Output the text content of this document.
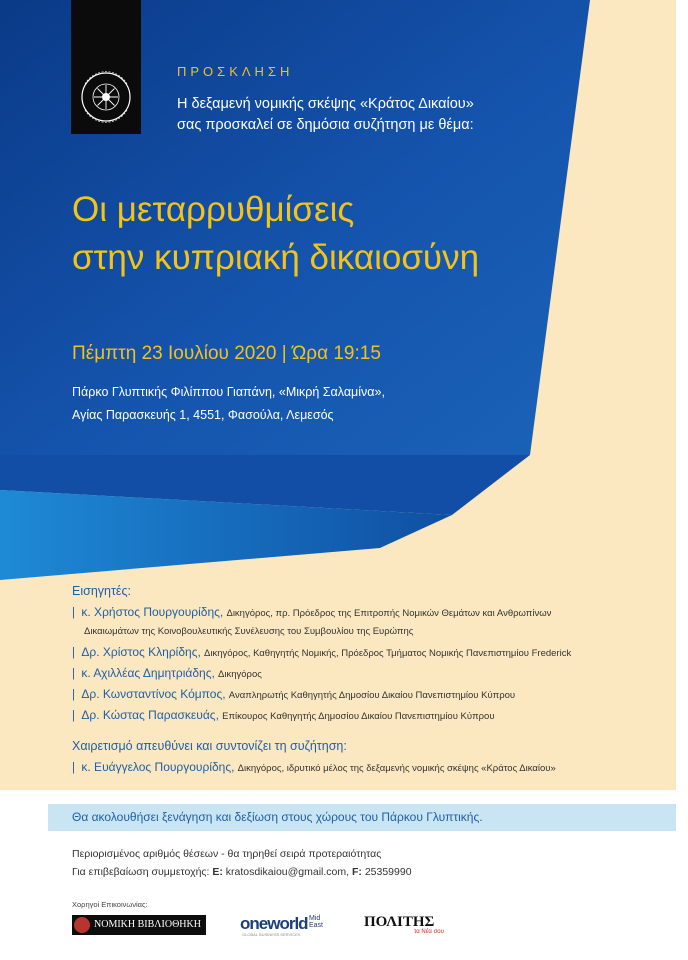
ΠΡΟΣΚΛΗΣΗ
Η δεξαμενή νομικής σκέψης «Κράτος Δικαίου»
σας προσκαλεί σε δημόσια συζήτηση με θέμα:
Οι μεταρρυθμίσεις
στην κυπριακή δικαιοσύνη
Πέμπτη 23 Ιουλίου 2020 | Ώρα 19:15
Πάρκο Γλυπτικής Φιλίππου Γιαπάνη, «Μικρή Σαλαμίνα»,
Αγίας Παρασκευής 1, 4551, Φασούλα, Λεμεσός
Εισηγητές:
| κ. Χρήστος Πουργουρίδης, Δικηγόρος, πρ. Πρόεδρος της Επιτροπής Νομικών Θεμάτων και Ανθρωπίνων
Δικαιωμάτων της Κοινοβουλευτικής Συνέλευσης του Συμβουλίου της Ευρώπης
| Δρ. Χρίστος Κληρίδης, Δικηγόρος, Καθηγητής Νομικής, Πρόεδρος Τμήματος Νομικής Πανεπιστημίου Frederick
| κ. Αχιλλέας Δημητριάδης, Δικηγόρος
| Δρ. Κωνσταντίνος Κόμπος, Αναπληρωτής Καθηγητής Δημοσίου Δικαίου Πανεπιστημίου Κύπρου
| Δρ. Κώστας Παρασκευάς, Επίκουρος Καθηγητής Δημοσίου Δικαίου Πανεπιστημίου Κύπρου
Χαιρετισμό απευθύνει και συντονίζει τη συζήτηση:
| κ. Ευάγγελος Πουργουρίδης, Δικηγόρος, ιδρυτικό μέλος της δεξαμενής νομικής σκέψης «Κράτος Δικαίου»
Θα ακολουθήσει ξενάγηση και δεξίωση στους χώρους του Πάρκου Γλυπτικής.
Περιορισμένος αριθμός θέσεων - θα τηρηθεί σειρά προτεραιότητας
Για επιβεβαίωση συμμετοχής: E: kratosdikaiou@gmail.com, F: 25359990
Χορηγοί Επικοινωνίας:
ΝΟΜΙΚΗ ΒΙΒΛΙΟΘΗΚΗ oneworld Mid
East
GLOBAL BUSINESS SERVICES
ΠΟΛΙΤΗΣ
τα Νέα σου
